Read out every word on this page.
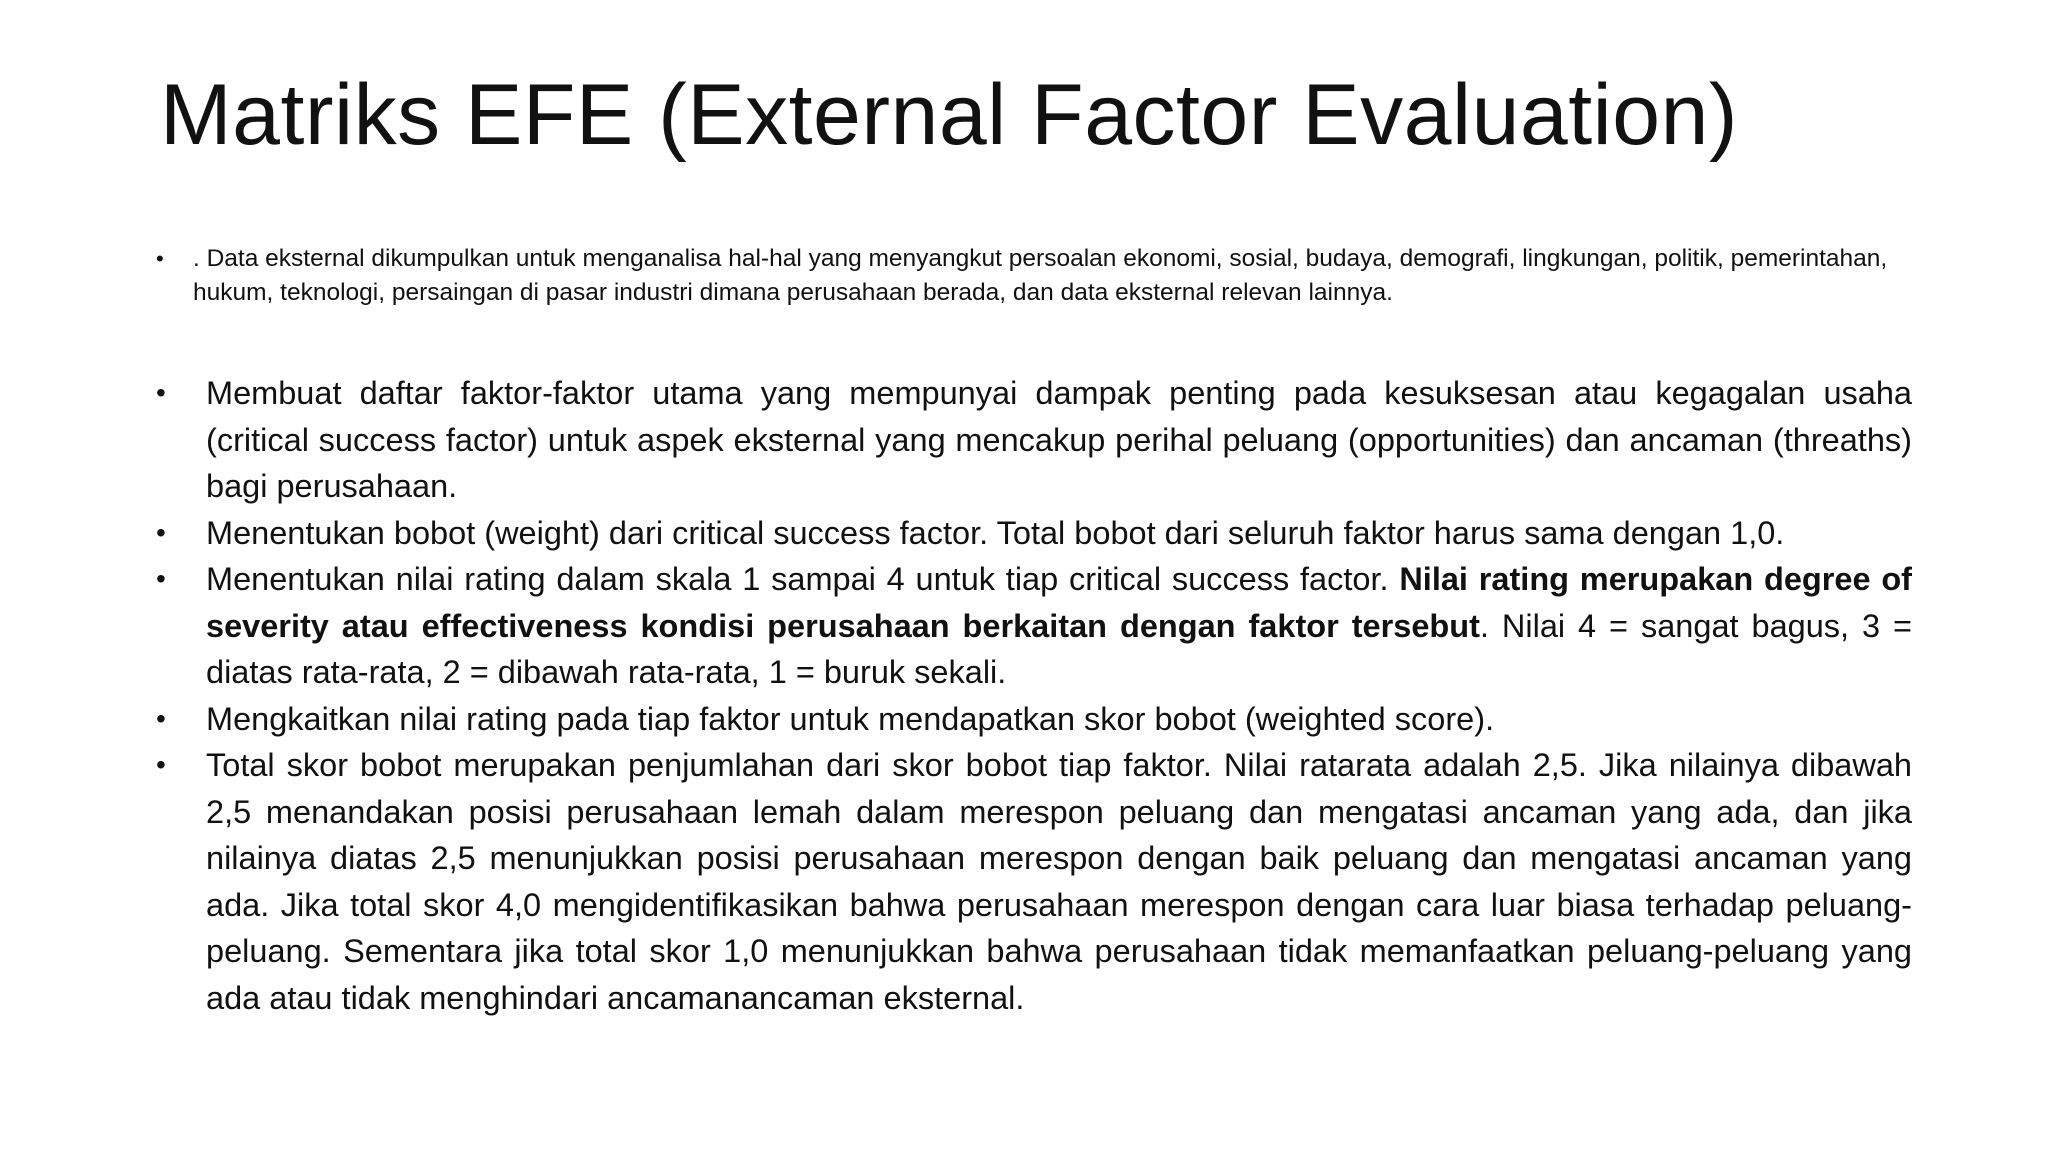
Matriks EFE (External Factor Evaluation)
• . Data eksternal dikumpulkan untuk menganalisa hal-hal yang menyangkut persoalan ekonomi, sosial, budaya, demografi, lingkungan, politik, pemerintahan, hukum, teknologi, persaingan di pasar industri dimana perusahaan berada, dan data eksternal relevan lainnya.
• Membuat daftar faktor-faktor utama yang mempunyai dampak penting pada kesuksesan atau kegagalan usaha (critical success factor) untuk aspek eksternal yang mencakup perihal peluang (opportunities) dan ancaman (threaths) bagi perusahaan.
• Menentukan bobot (weight) dari critical success factor. Total bobot dari seluruh faktor harus sama dengan 1,0.
• Menentukan nilai rating dalam skala 1 sampai 4 untuk tiap critical success factor. Nilai rating merupakan degree of severity atau effectiveness kondisi perusahaan berkaitan dengan faktor tersebut. Nilai 4 = sangat bagus, 3 = diatas rata-rata, 2 = dibawah rata-rata, 1 = buruk sekali.
• Mengkaitkan nilai rating pada tiap faktor untuk mendapatkan skor bobot (weighted score).
• Total skor bobot merupakan penjumlahan dari skor bobot tiap faktor. Nilai ratarata adalah 2,5. Jika nilainya dibawah 2,5 menandakan posisi perusahaan lemah dalam merespon peluang dan mengatasi ancaman yang ada, dan jika nilainya diatas 2,5 menunjukkan posisi perusahaan merespon dengan baik peluang dan mengatasi ancaman yang ada. Jika total skor 4,0 mengidentifikasikan bahwa perusahaan merespon dengan cara luar biasa terhadap peluang-peluang. Sementara jika total skor 1,0 menunjukkan bahwa perusahaan tidak memanfaatkan peluang-peluang yang ada atau tidak menghindari ancamanancaman eksternal.
